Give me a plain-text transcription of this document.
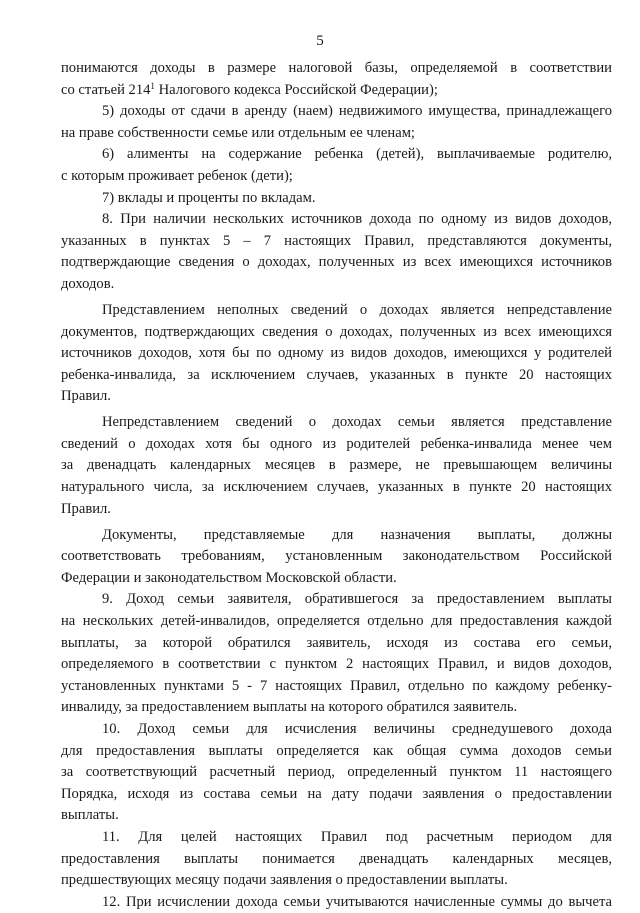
5
понимаются доходы в размере налоговой базы, определяемой в соответствии
со статьей $214^1$ Налогового кодекса Российской Федерации);
5) доходы от сдачи в аренду (наем) недвижимого имущества, принадлежащего
на праве собственности семье или отдельным ее членам;
6) алименты на содержание ребенка (детей), выплачиваемые родителю,
с которым проживает ребенок (дети);
7) вклады и проценты по вкладам.
8. При наличии нескольких источников дохода по одному из видов доходов,
указанных в пунктах 5 – 7 настоящих Правил, представляются документы,
подтверждающие сведения о доходах, полученных из всех имеющихся источников
доходов.
Представлением неполных сведений о доходах является непредставление
документов, подтверждающих сведения о доходах, полученных из всех имеющихся
источников доходов, хотя бы по одному из видов доходов, имеющихся у родителей
ребенка-инвалида, за исключением случаев, указанных в пункте 20 настоящих
Правил.
Непредставлением сведений о доходах семьи является представление
сведений о доходах хотя бы одного из родителей ребенка-инвалида менее чем
за двенадцать календарных месяцев в размере, не превышающем величины
натурального числа, за исключением случаев, указанных в пункте 20 настоящих
Правил.
Документы, представляемые для назначения выплаты, должны
соответствовать требованиям, установленным законодательством Российской
Федерации и законодательством Московской области.
9. Доход семьи заявителя, обратившегося за предоставлением выплаты
на нескольких детей-инвалидов, определяется отдельно для предоставления каждой
выплаты, за которой обратился заявитель, исходя из состава его семьи,
определяемого в соответствии с пунктом 2 настоящих Правил, и видов доходов,
установленных пунктами 5 - 7 настоящих Правил, отдельно по каждому ребенку-
инвалиду, за предоставлением выплаты на которого обратился заявитель.
10. Доход семьи для исчисления величины среднедушевого дохода
для предоставления выплаты определяется как общая сумма доходов семьи
за соответствующий расчетный период, определенный пунктом 11 настоящего
Порядка, исходя из состава семьи на дату подачи заявления о предоставлении
выплаты.
11. Для целей настоящих Правил под расчетным периодом для
предоставления выплаты понимается двенадцать календарных месяцев,
предшествующих месяцу подачи заявления о предоставлении выплаты.
12. При исчислении дохода семьи учитываются начисленные суммы до вычета
